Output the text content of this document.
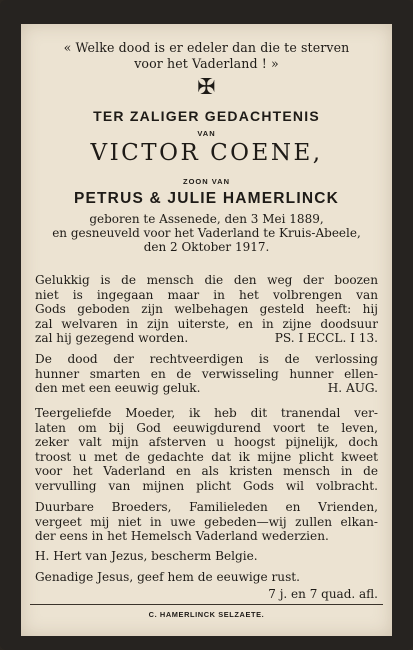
« Welke dood is er edeler dan die te sterven
voor het Vaderland ! »
✠
TER ZALIGER GEDACHTENIS
VAN
VICTOR COENE,
ZOON VAN
PETRUS & JULIE HAMERLINCK
geboren te Assenede, den 3 Mei 1889,
en gesneuveld voor het Vaderland te Kruis-Abeele,
den 2 Oktober 1917.
Gelukkig is de mensch die den weg der boozen
niet is ingegaan maar in het volbrengen van
Gods geboden zijn welbehagen gesteld heeft: hij
zal welvaren in zijn uiterste, en in zijne doodsuur
zal hij gezegend worden.	PS. I ECCL. I 13.
De dood der rechtveerdigen is de verlossing
hunner smarten en de verwisseling hunner ellen-
den met een eeuwig geluk.	H. AUG.
Teergeliefde Moeder, ik heb dit tranendal ver-
laten om bij God eeuwigdurend voort te leven,
zeker valt mijn afsterven u hoogst pijnelijk, doch
troost u met de gedachte dat ik mijne plicht kweet
voor het Vaderland en als kristen mensch in de
vervulling van mijnen plicht Gods wil volbracht.
Duurbare Broeders, Familieleden en Vrienden,
vergeet mij niet in uwe gebeden—wij zullen elkan-
der eens in het Hemelsch Vaderland wederzien.
H. Hert van Jezus, bescherm Belgie.
Genadige Jesus, geef hem de eeuwige rust.
7 j. en 7 quad. afl.
C. HAMERLINCK SELZAETE.
